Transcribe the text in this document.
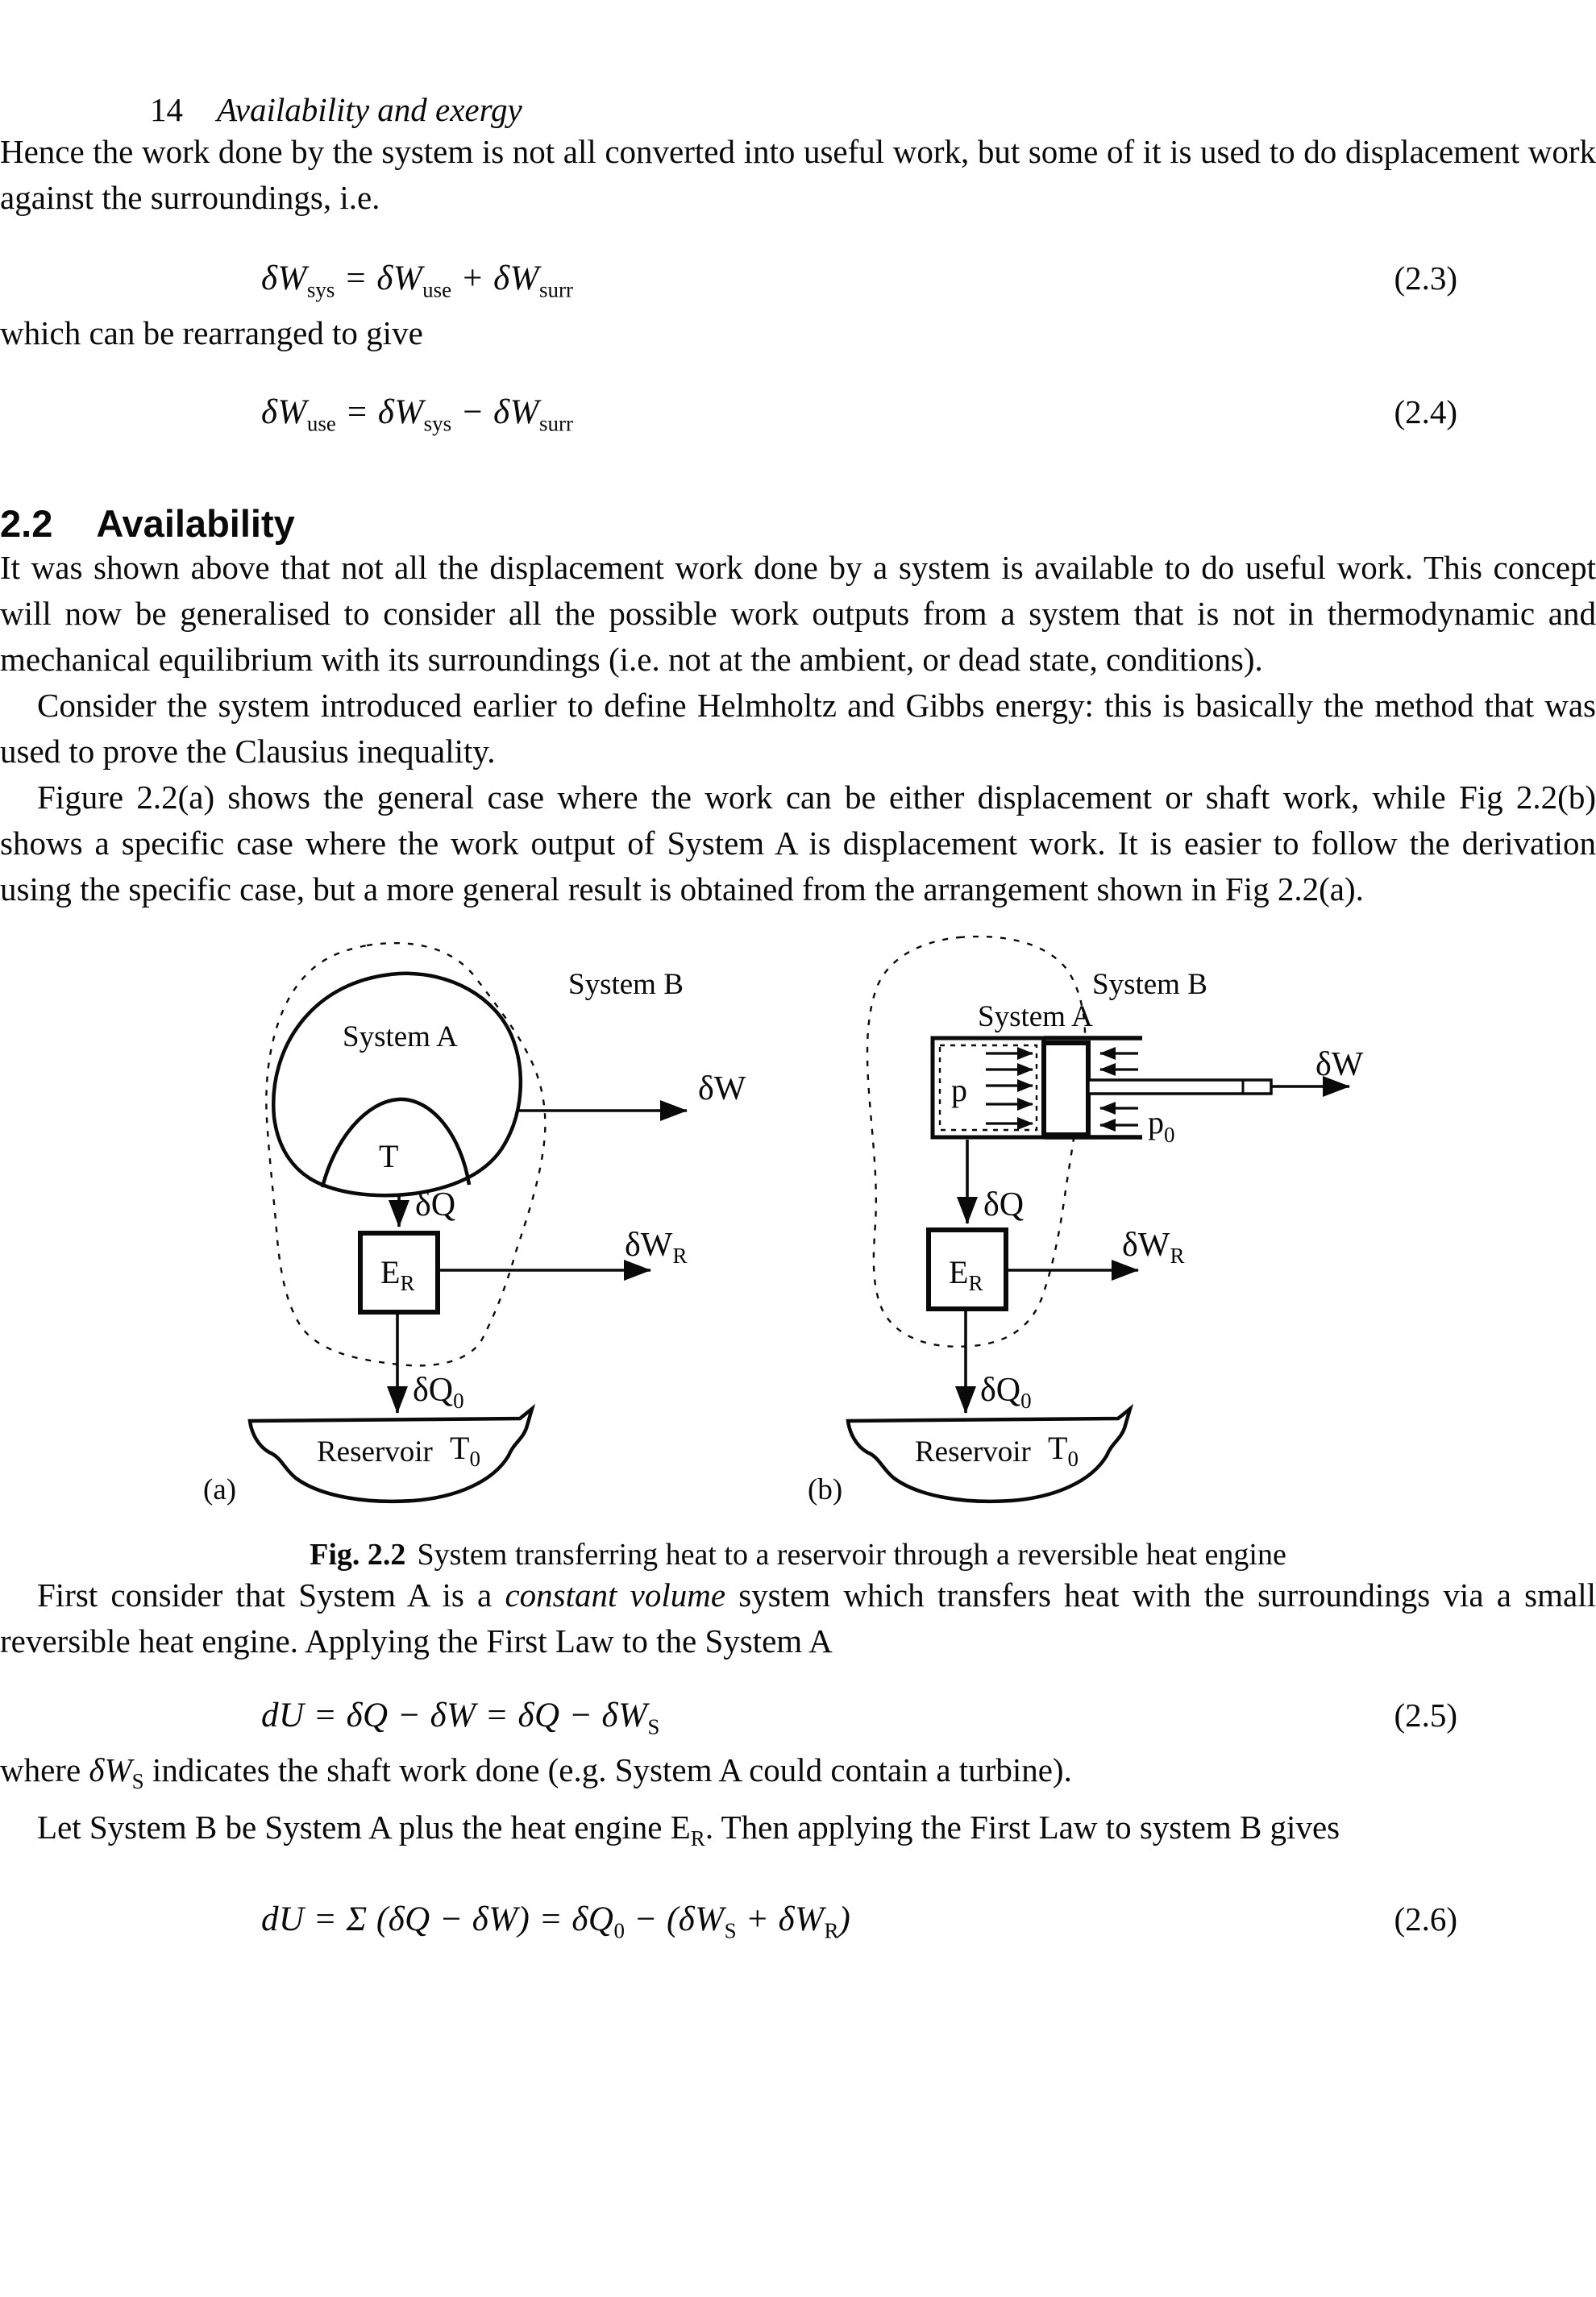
14 Availability and exergy

Hence the work done by the system is not all converted into useful work, but some of it is used to do displacement work against the surroundings, i.e.

$\delta W_{sys} = \delta W_{use} + \delta W_{surr}$	(2.3)

which can be rearranged to give

$\delta W_{use} = \delta W_{sys} - \delta W_{surr}$	(2.4)
2.2 Availability

It was shown above that not all the displacement work done by a system is available to do useful work. This concept will now be generalised to consider all the possible work outputs from a system that is not in thermodynamic and mechanical equilibrium with its surroundings (i.e. not at the ambient, or dead state, conditions).

Consider the system introduced earlier to define Helmholtz and Gibbs energy: this is basically the method that was used to prove the Clausius inequality.

Figure 2.2(a) shows the general case where the work can be either displacement or shaft work, while Fig 2.2(b) shows a specific case where the work output of System A is displacement work. It is easier to follow the derivation using the specific case, but a more general result is obtained from the arrangement shown in Fig 2.2(a).

T
System A
System B
δW
δQ
$E_R$
$\delta W_R$
$\delta Q_0$
Reservoir $T_0$
(a)
System B
System A
p
$p_0$
δW
δQ
$E_R$
$\delta W_R$
$\delta Q_0$
Reservoir $T_0$
(b)
Fig. 2.2 System transferring heat to a reservoir through a reversible heat engine

First consider that System A is a constant volume system which transfers heat with the surroundings via a small reversible heat engine. Applying the First Law to the System A

dU = $\delta Q - \delta W = \delta Q - \delta W_S$	(2.5)

where $\delta W_S$ indicates the shaft work done (e.g. System A could contain a turbine).

Let System B be System A plus the heat engine $E_R$. Then applying the First Law to system B gives

dU = Σ $(\delta Q - \delta W) = \delta Q_0 - (\delta W_S + \delta W_R)$	(2.6)
